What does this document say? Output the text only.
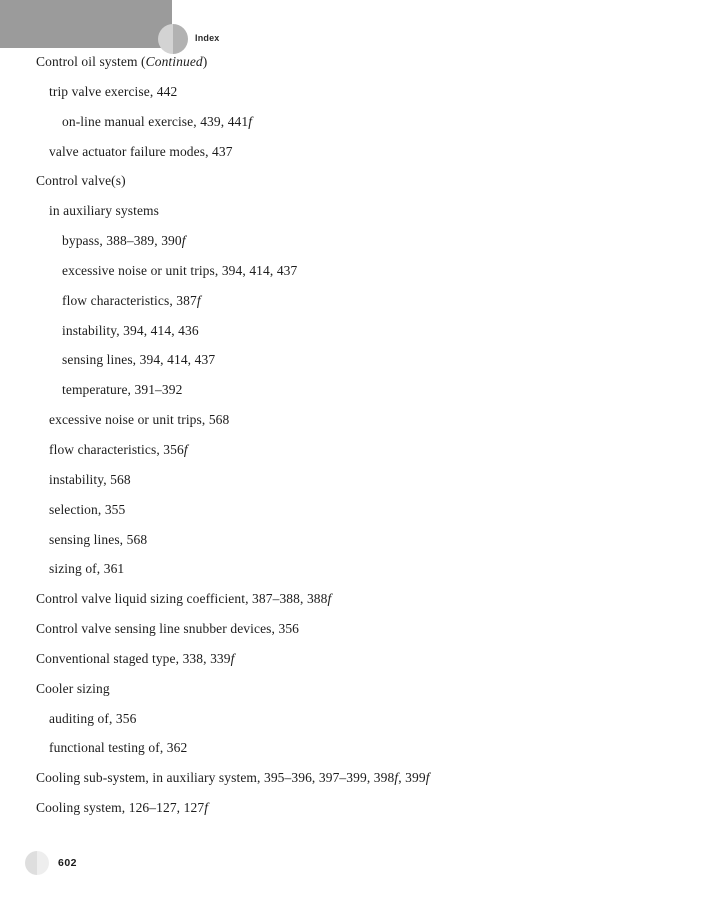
Index
Control oil system (Continued)
trip valve exercise, 442
on-line manual exercise, 439, 441f
valve actuator failure modes, 437
Control valve(s)
in auxiliary systems
bypass, 388–389, 390f
excessive noise or unit trips, 394, 414, 437
flow characteristics, 387f
instability, 394, 414, 436
sensing lines, 394, 414, 437
temperature, 391–392
excessive noise or unit trips, 568
flow characteristics, 356f
instability, 568
selection, 355
sensing lines, 568
sizing of, 361
Control valve liquid sizing coefficient, 387–388, 388f
Control valve sensing line snubber devices, 356
Conventional staged type, 338, 339f
Cooler sizing
auditing of, 356
functional testing of, 362
Cooling sub-system, in auxiliary system, 395–396, 397–399, 398f, 399f
Cooling system, 126–127, 127f
602
